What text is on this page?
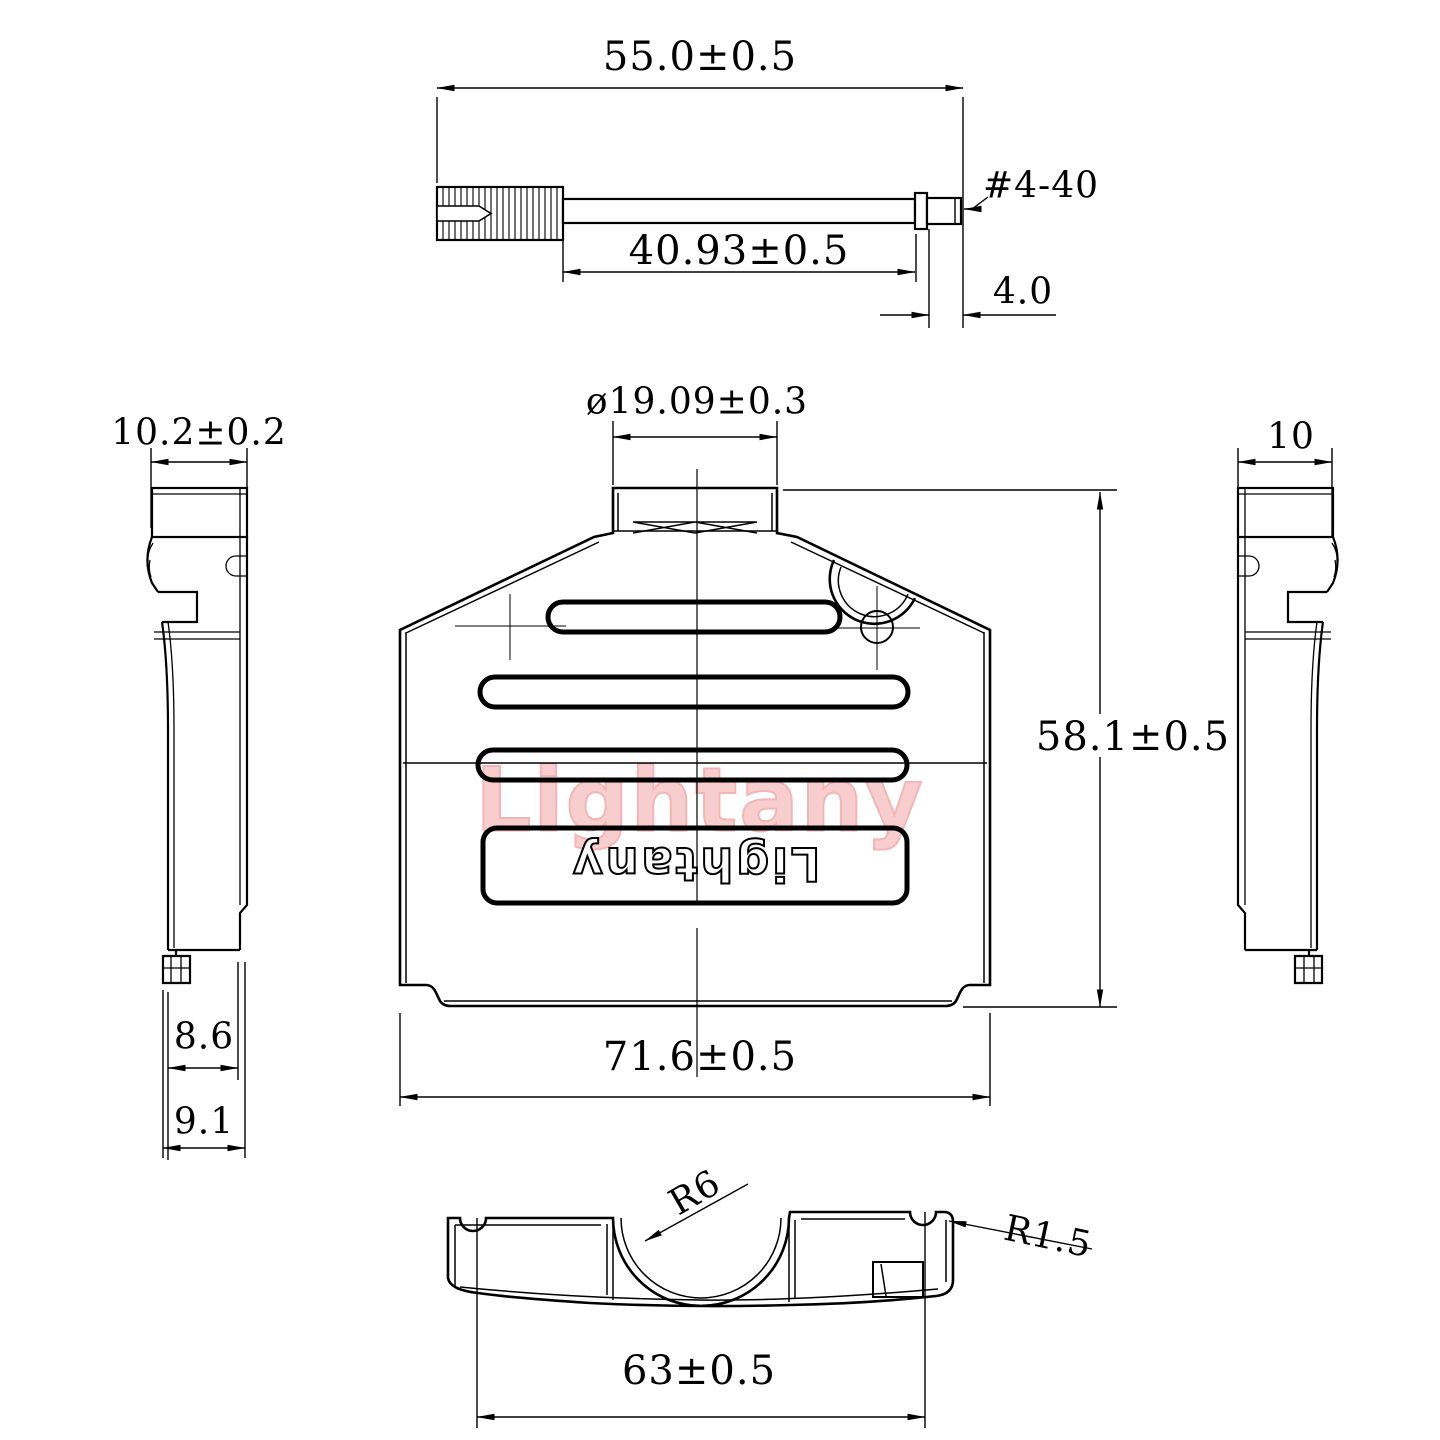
Lightany
Lightany
55.0±0.5
40.93±0.5
#4-40
4.0
10.2±0.2
8.6
9.1
ø19.09±0.3
58.1±0.5
71.6±0.5
10
R6
R1.5
63±0.5
